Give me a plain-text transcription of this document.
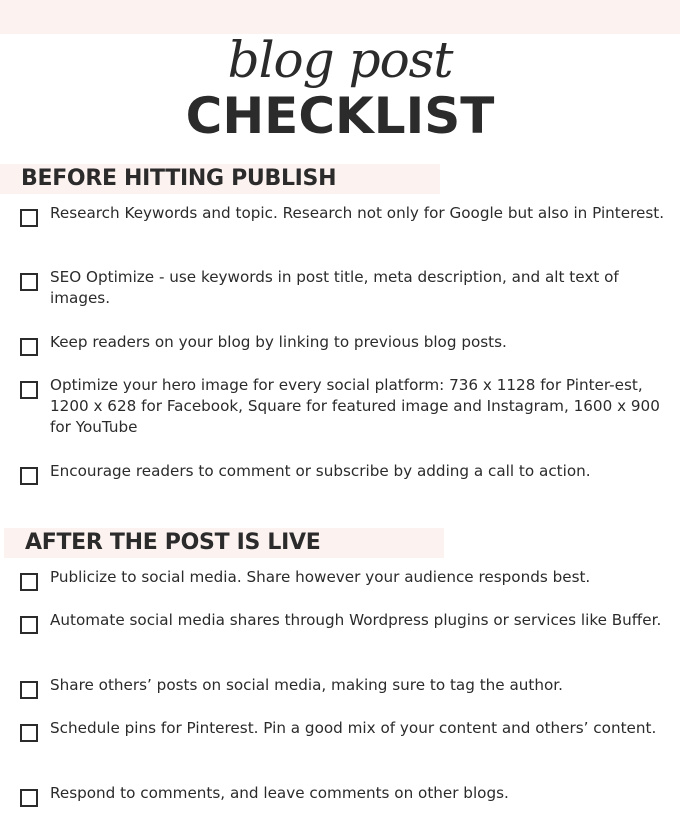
blog post
CHECKLIST
BEFORE HITTING PUBLISH
Research Keywords and topic. Research not only for Google but also in Pinterest.
SEO Optimize - use keywords in post title, meta description, and alt text of images.
Keep readers on your blog by linking to previous blog posts.
Optimize your hero image for every social platform: 736 x 1128 for Pinter-est, 1200 x 628 for Facebook, Square for featured image and Instagram, 1600 x 900 for YouTube
Encourage readers to comment or subscribe by adding a call to action.
AFTER THE POST IS LIVE
Publicize to social media. Share however your audience responds best.
Automate social media shares through Wordpress plugins or services like Buffer.
Share others’ posts on social media, making sure to tag the author.
Schedule pins for Pinterest. Pin a good mix of your content and others’ content.
Respond to comments, and leave comments on other blogs.
